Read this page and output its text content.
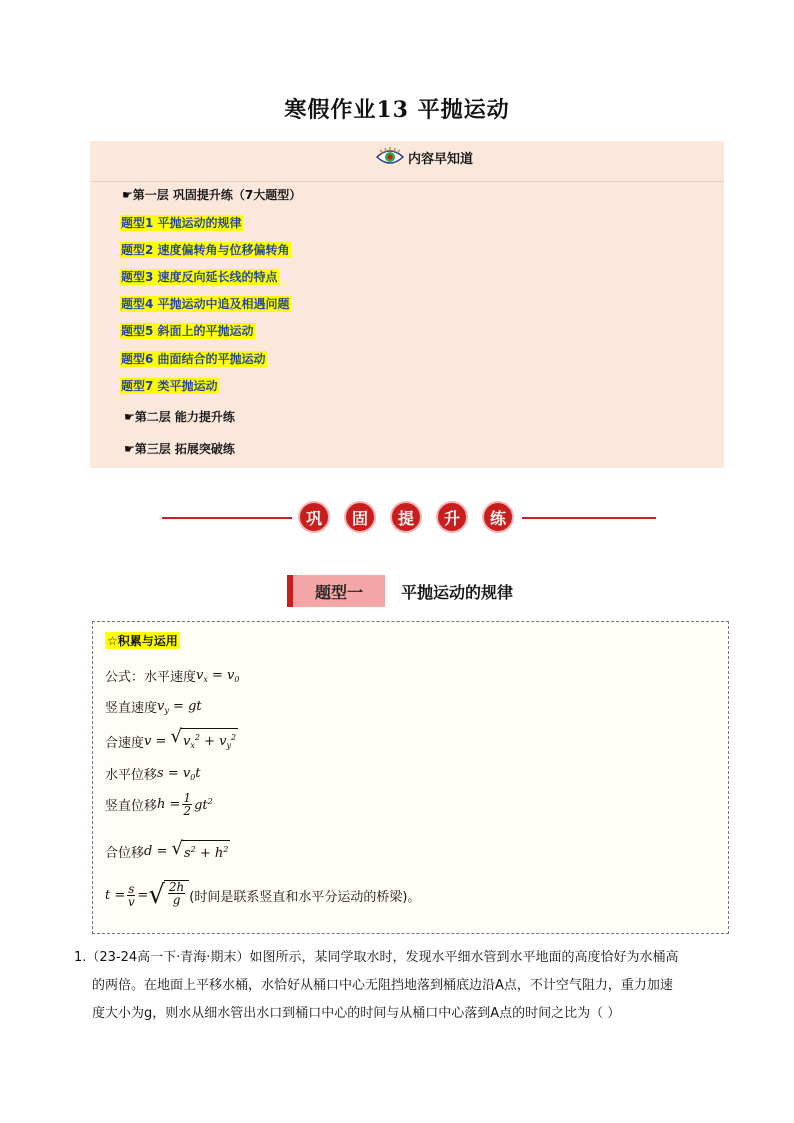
寒假作业13 平抛运动
内容早知道
☛第一层 巩固提升练（7大题型）
题型1 平抛运动的规律
题型2 速度偏转角与位移偏转角
题型3 速度反向延长线的特点
题型4 平抛运动中追及相遇问题
题型5 斜面上的平抛运动
题型6 曲面结合的平抛运动
题型7 类平抛运动
☛第二层 能力提升练
☛第三层 拓展突破练
巩	固	提	升	练
题型一	平抛运动的规律
☆积累与运用
公式：水平速度 $v_x = v_0$
竖直速度 $v_y$ = gt
合速度 v = √ $v_x^2 + v_y^2$
水平位移 $s = v_0t$
竖直位移 $h = \frac{1}{2} gt^2$
合位移 d = √ $s^2 + h^2$
$t = \frac{s}{v}$ = √ $\frac{2h}{g}$ (时间是联系竖直和水平分运动的桥梁)。
1.（23-24高一下·青海·期末）如图所示，某同学取水时，发现水平细水管到水平地面的高度恰好为水桶高
的两倍。在地面上平移水桶，水恰好从桶口中心无阻挡地落到桶底边沿A点，不计空气阻力，重力加速
度大小为g，则水从细水管出水口到桶口中心的时间与从桶口中心落到A点的时间之比为（ ）
